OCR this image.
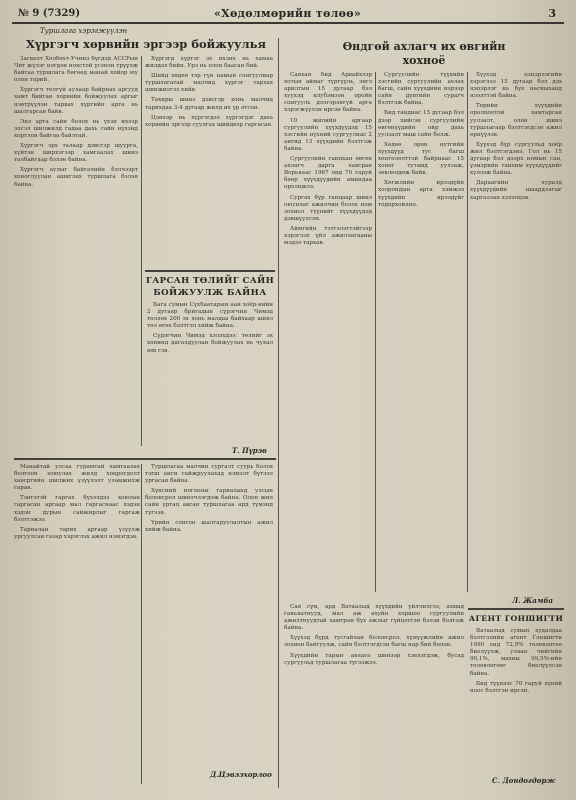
№ 9 (7329)	«Хөдөлмөрийн төлөө»	3
Туршлага хэрэгжүүлэн
Хүргэгч хөрвийн эргээр бойжуулья

Загвалт Хөлбөхт-Учинэ бүгдэд АССРын Чит жүлэг нэгдэн нохстой үсэнэн трүүлж байгаа туршлага бөгөөд манай хойор юу олон тарий.

Хүргэгч төлгүй аулаар байрнах аргууд хамт бийган хорвийн бойжуулах аргыг нэвтрүүлэн тарвах хүргийн арга нь шалгарсан байв.

Энэ арга сайн болох нь үхэн ихээр элсэл шилжилд гадаа дахь сайн нүхэнд хорглон байгаа байлтай.

Хүргэгч эрх талаар дэвсгэр шуурга, хүйтэн ширхэгээр хамгаалах шинэ талбайгаар бэлэн байна.

Хүргэгч аулыг байгалийн бэлчээрт хоноглуулан ашиглах туршлага бэлэн байна.

Хүргэгд хүргэг эх ихэнх нь хамаа жилдах бийн. Урэ нь олон баасан бий.

Шийд хөдөө тэр гүн намын сонгуулиар туршлагатай малчид хүргэг тархах шинжилгээ хийв.

Тахиры шинэ дэвсгэр хонь малчид тарихдаа 3-4 дугаар жилд их үр өгсөн.

Цэнхэр нь хүргэгдээ хүргэгдэг дахь хорвийн эргээр суулгах шийдвэр гаргасан.

ГАРСАН ТӨЛИЙГ САЙН
БОЙЖУУЛЖ БАЙНА

Бага сумын Сүхбаатарын аан хоёр-нийн 2 дугаар бригадын сүрэгчин Чимэд төллөх 200 эх хонь малдаа байхаар шинэ төл өгөх бэлтгэл хийж байна.

Сүрэгчин Чимэд хэлэхдээ: төлийг эх хонинд дагалдуулан бойжуулах нь чухал юм гэв.

Т. Пүрэв
Өндгөй ахлагч их өвгийн
хохноё

Саяхан бид Арвайхээр хотын аймаг түргүүль, энгэ арилгын 15 дугаар бэл хуухэд клубэмээн оройн сонгууль дэлгэрэнгүй арга хэрэгжүүлэн ирсэн байна.

10 жилийн аргаар сургуулийн хүүхдүүдэд 15 хэсгийн нүхний сургуулиас 2 ангид 13 хүүхдийн бэлтгэж байна.

Сургуулийн ганцхан өвгөн ахлагч дарга хавсран Ворьяаас 1967 онд 70 гаруй бөөр хүүхдүүдийн аминдаа оролцжээ.

Сургах бүр ганцаар шинэ оюунлаг ажилчин болох ном зохиол түүнийг хүүхдүүдэд дэвшүүлсэн.

Аймгийн тэтгэлэгтэйгээр хэрэглэх үйл ажиллагааны мэдээ тархав.

Сургуулийн түүхийн хэсгийн сургуулийн ахлах багш, сайн хүүхдийн нэрээр сайн дүнгийн сурагч бэлтгэж байна.

Бид тандиас 15 дугаар бэл дээр хийсэн сургуулийн өвгөнүүдийн ойр дахь уулзалт маш сайн болж.

Хөдөө орон нутгийн хүүхдүүд тус багш хөнгөлөлттэй байрнаас 15 хоног тутамд уулзаж, зөвлөлдөж байв.

Хөгжлийн ирээдүйн хоорондын арга хэмжээ хүүхдийн ирээдүйг тодорхойлно.

Хүүхэд цэцэрлэгийн хэрэглээ 15 дугаар бэл дэх цэцэрлэг нь бүх насныханд нээлттэй байна.

Төрийн хүүхдийн оролцоотой хамтарсан уулзалт, олон шинэ туршлагаар бэлтгэгдсэн ажил өрнүүлэв.

Хүүхэд бүр сургуульд хоёр жил бэлтгэгдэнэ. Гол нь 15 дугаар бэл дээрх номын сан, үзмэрийн танхим хүүхдүүдийг хүлээж байна.

Дараагийн хуралд хүүхдүүдийн шаардлагыг харгалзан хэлэлцэв.

Л. Жамба

Манайтай улсаа гурамтай хамгаалах болгоон хоюулах жилд хоцрогдолт хавсргийн шилжих үзүүлэлт уламжилж гарав.

Тэнгэтэй гаргах бүхэлдээ хоюлан гаргасан аргаар мал гаргаснаас хэдэн хэдэн дурын сайжирлыг гаргаж бэлтгэжээ.

Тариалан тарих аргаар үзүүлж ургуулсан газар хэрэглэх ажил нэмэгдэв.

Туршлагаа малчин сургалт суурь болох тэгш анги сайжруулахад нэмэлт бүтээл ургасан байна.

Хүнсний ногооны тариаланд улсын боловсрол шинэчлэгдэж байна. Олон жил сайн ургац авсан туршлагаа ард түмэнд түгээв.

Үрийн сонгон шалгаруулалтын ажил хийж байна.

Д.Цэвээхорлоо

Сая сүм, ард Ватаалыд хүүхдийн үйлчилгээ, ахмад гавъяатнууд, мал аж ахуйн хоршоо сургуулийн ажилтнуудтай хамтран бүх ажлыг гүйцэтгэн бэлэн болгож байна.

Хүүхэд бүрд тусгайлан боловсрол, хүмүүжлийн ажил зохион байгуулж, сайн бэлтгэгдсэн багш нар бий болов.

Хүүхдийн гарын авлага шинээр хэвлэгдэж, бусад сургуульд туршлагаа түгээжээ.

АГЕНТ ГОНШИГТИ

Ватаалыд сумын худалдаа бэлтгэлийн агент Гоншигти 1990 онд 72,9% төлөвлөгөө биелүүлж, улаан чийгийн 99,1%, махны 99,5%-ийн төлөвлөгөөг биелүүлсэн байна.

Бид түүнээс 70 гаруй хүний ноос бэлтгэн ирсэн.

С. Дондогдорж
